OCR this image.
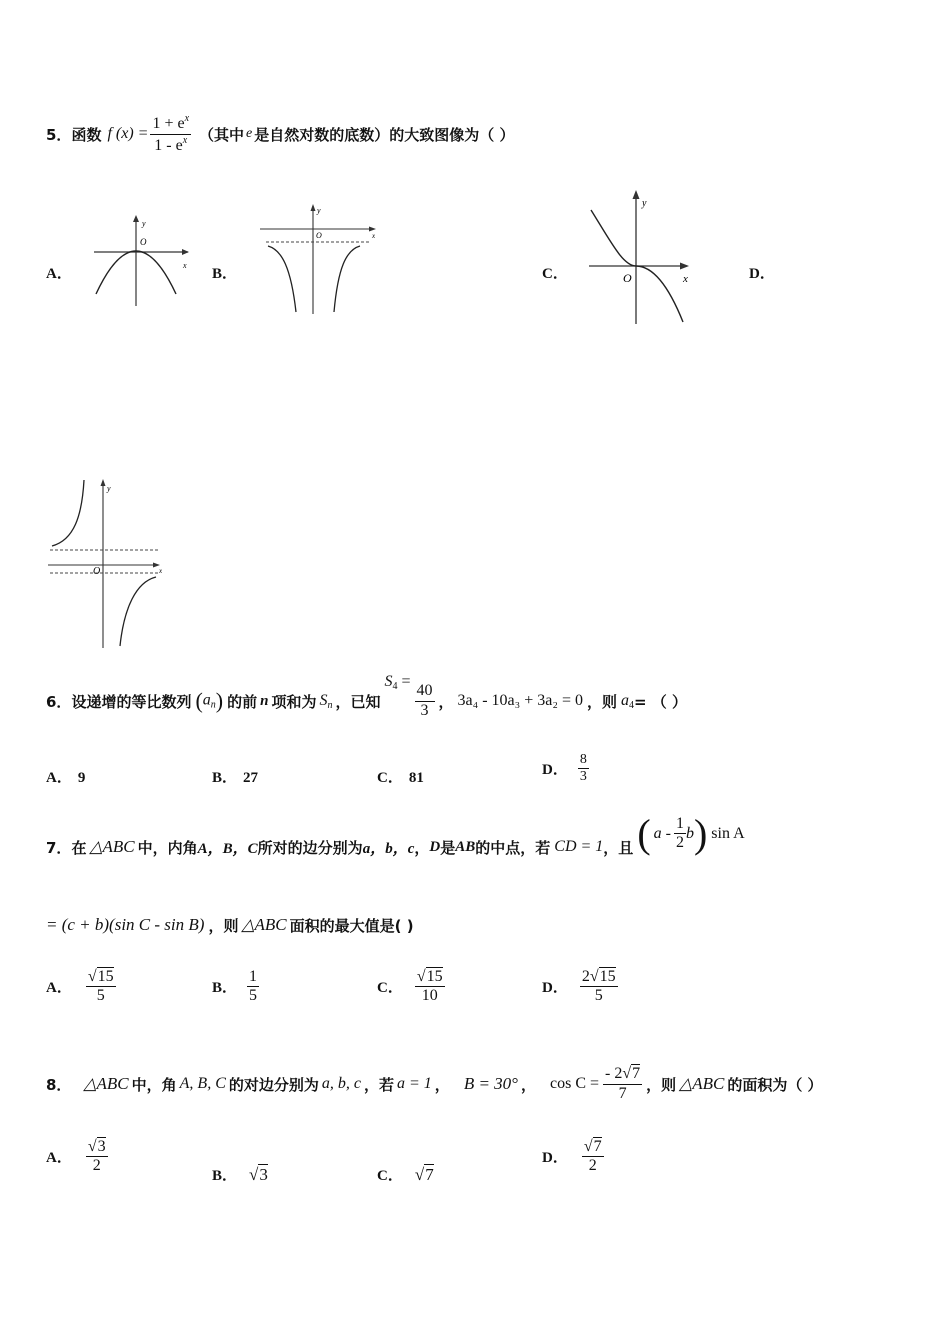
5． 函数 f $(x) = \frac{1 + e^x}{1 - e^x}$ （其中 e 是自然对数的底数）的大致图像为（ ）
A．	B．	C．	D．
y
x
O
y
x
O
y
x
O
y
x
O
6． 设递增的等比数列 $(a_n)$ 的前 n 项和为 $S_n$ ，已知
$S_4$ =
$\frac{40}{3}$ ， 3a₄ - 10a₃ + 3a₂ = 0 ，则 $a_4$ = （ ）
A． 9	B． 27	C． 81	D． $\frac{8}{3}$
7． 在 △ABC 中，内角 A，B，C 所对的边分别为 a，b，c ， D 是 AB 的中点，若 CD = 1 ，且 ( a - $\frac{1}{2}$ b ) sin A
= (c + b)(sin C - sin B) ，则 △ABC 面积的最大值是( )
A． $\frac{√15}{5}$	B． $\frac{1}{5}$	C． $\frac{√15}{10}$	D． $\frac{2√15}{5}$
8． △ABC 中，角 A, B, C 的对边分别为 a, b, c ，若 a = 1 ， B = 30° ， $\cos C = \frac{- 2√7}{7}$ ，则 △ABC 的面积为（ ）
A． $\frac{√3}{2}$
B． √3	C． √7
D． $\frac{√7}{2}$
